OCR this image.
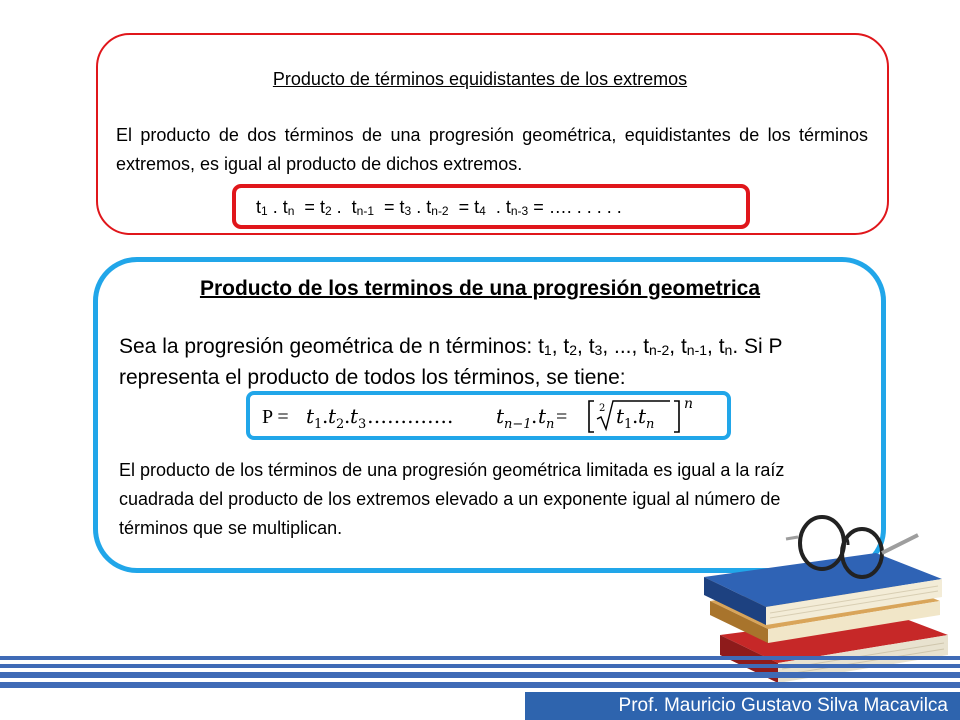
Producto de términos equidistantes de los extremos
El producto de dos términos de una progresión geométrica, equidistantes de los términos extremos, es igual al producto de dichos extremos.
$t_1$ . $t_n = t_2$ .  $t_{n-1} = t_3$ . $t_{n-2} = t_4$  . $t_{n-3}$ = …. . . . . .
Producto de los terminos de una progresión geometrica
Sea la progresión geométrica de n términos: $t_1$, $t_2$, $t_3$, ..., $t_{n-2}$, $t_{n-1}$, $t_n$. Si P representa el producto de todos los términos, se tiene:
P = t 1 . t 2 . t 3 …………. t n−1 . t n =	2 t 1 . t n
n
El producto de los términos de una progresión geométrica limitada es igual a la raíz cuadrada del producto de los extremos elevado a un exponente igual al número de términos que se multiplican.
Prof. Mauricio Gustavo Silva Macavilca
